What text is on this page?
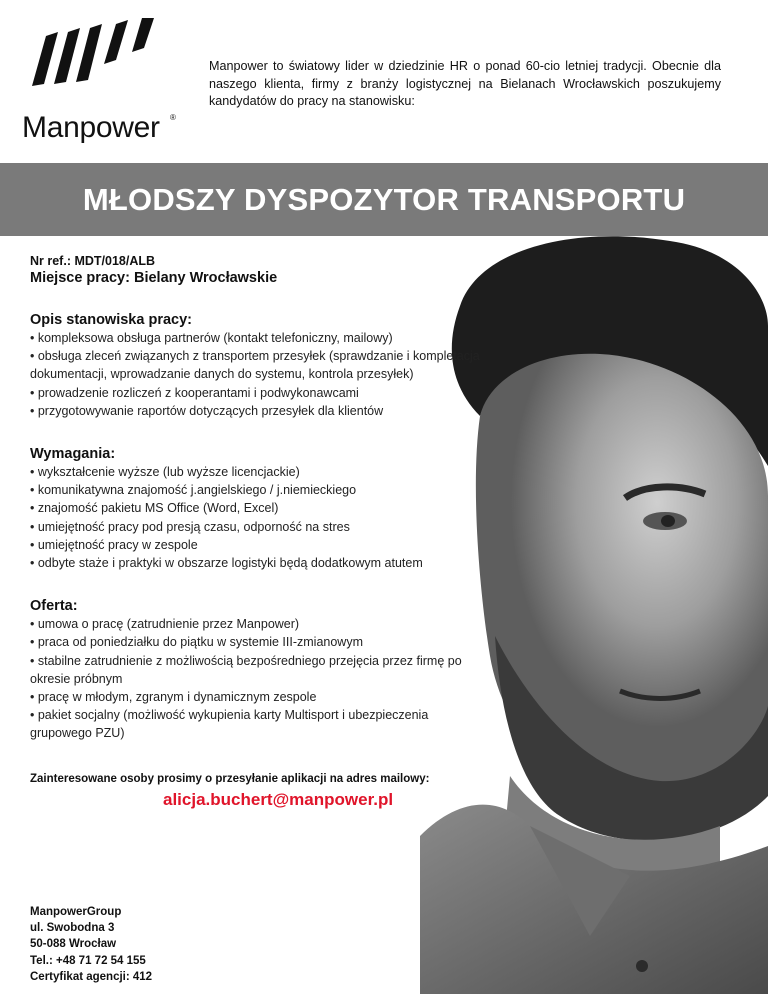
Manpower ®

Manpower to światowy lider w dziedzinie HR o ponad 60-cio letniej tradycji. Obecnie dla naszego klienta, firmy z branży logistycznej na Bielanach Wrocławskich poszukujemy kandydatów do pracy na stanowisku:

MŁODSZY DYSPOZYTOR TRANSPORTU
Nr ref.: MDT/018/ALB
Miejsce pracy: Bielany Wrocławskie
Opis stanowiska pracy:
• kompleksowa obsługa partnerów (kontakt telefoniczny, mailowy)
• obsługa zleceń związanych z transportem przesyłek (sprawdzanie i kompletacja
dokumentacji, wprowadzanie danych do systemu, kontrola przesyłek)
• prowadzenie rozliczeń z kooperantami i podwykonawcami
• przygotowywanie raportów dotyczących przesyłek dla klientów
Wymagania:
• wykształcenie wyższe (lub wyższe licencjackie)
• komunikatywna znajomość j.angielskiego / j.niemieckiego
• znajomość pakietu MS Office (Word, Excel)
• umiejętność pracy pod presją czasu, odporność na stres
• umiejętność pracy w zespole
• odbyte staże i praktyki w obszarze logistyki będą dodatkowym atutem
Oferta:
• umowa o pracę (zatrudnienie przez Manpower)
• praca od poniedziałku do piątku w systemie III-zmianowym
• stabilne zatrudnienie z możliwością bezpośredniego przejęcia przez firmę po
okresie próbnym
• pracę w młodym, zgranym i dynamicznym zespole
• pakiet socjalny (możliwość wykupienia karty Multisport i ubezpieczenia
grupowego PZU)
Zainteresowane osoby prosimy o przesyłanie aplikacji na adres mailowy:
alicja.buchert@manpower.pl
ManpowerGroup
ul. Swobodna 3
50-088 Wrocław
Tel.: +48 71 72 54 155
Certyfikat agencji: 412
